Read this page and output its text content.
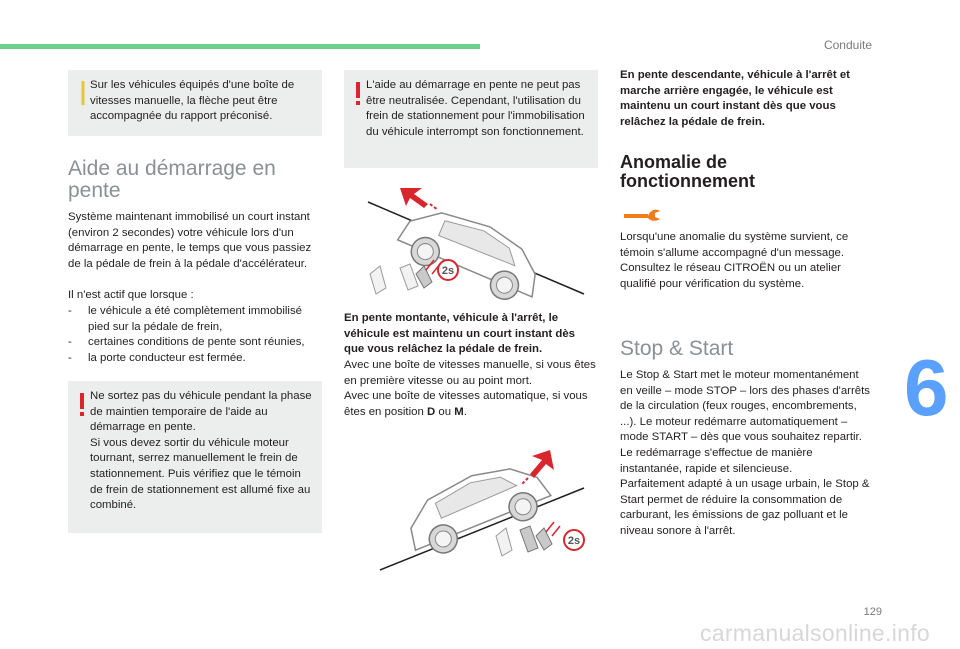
Conduite
6
Sur les véhicules équipés d'une boîte de vitesses manuelle, la flèche peut être accompagnée du rapport préconisé.
Aide au démarrage en pente
Système maintenant immobilisé un court instant (environ 2 secondes) votre véhicule lors d'un démarrage en pente, le temps que vous passiez de la pédale de frein à la pédale d'accélérateur.
Il n'est actif que lorsque :
- le véhicule a été complètement immobilisé pied sur la pédale de frein,
- certaines conditions de pente sont réunies,
- la porte conducteur est fermée.
Ne sortez pas du véhicule pendant la phase de maintien temporaire de l'aide au démarrage en pente.
Si vous devez sortir du véhicule moteur tournant, serrez manuellement le frein de stationnement. Puis vérifiez que le témoin de frein de stationnement est allumé fixe au combiné.
L'aide au démarrage en pente ne peut pas être neutralisée. Cependant, l'utilisation du frein de stationnement pour l'immobilisation du véhicule interrompt son fonctionnement.
2s
En pente montante, véhicule à l'arrêt, le véhicule est maintenu un court instant dès que vous relâchez la pédale de frein.
Avec une boîte de vitesses manuelle, si vous êtes en première vitesse ou au point mort.
Avec une boîte de vitesses automatique, si vous êtes en position D ou M.
2s
En pente descendante, véhicule à l'arrêt et marche arrière engagée, le véhicule est maintenu un court instant dès que vous relâchez la pédale de frein.
Anomalie de fonctionnement
Lorsqu'une anomalie du système survient, ce témoin s'allume accompagné d'un message. Consultez le réseau CITROËN ou un atelier qualifié pour vérification du système.
Stop & Start
Le Stop & Start met le moteur momentanément en veille – mode STOP – lors des phases d'arrêts de la circulation (feux rouges, encombrements, ...). Le moteur redémarre automatiquement – mode START – dès que vous souhaitez repartir.
Le redémarrage s'effectue de manière instantanée, rapide et silencieuse.
Parfaitement adapté à un usage urbain, le Stop & Start permet de réduire la consommation de carburant, les émissions de gaz polluant et le niveau sonore à l'arrêt.
129
carmanualsonline.info
